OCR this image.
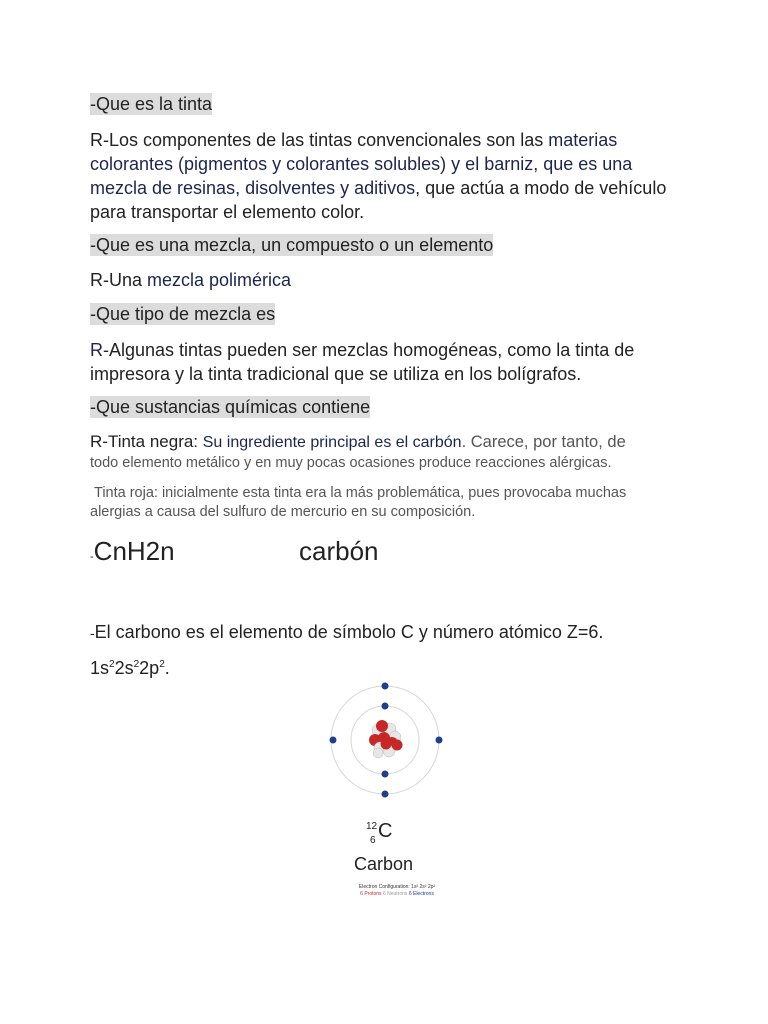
-Que es la tinta
R-Los componentes de las tintas convencionales son las materias colorantes (pigmentos y colorantes solubles) y el barniz, que es una mezcla de resinas, disolventes y aditivos, que actúa a modo de vehículo para transportar el elemento color.
-Que es una mezcla, un compuesto o un elemento
R-Una mezcla polimérica
-Que tipo de mezcla es
R-Algunas tintas pueden ser mezclas homogéneas, como la tinta de impresora y la tinta tradicional que se utiliza en los bolígrafos.
-Que sustancias químicas contiene
R-Tinta negra: Su ingrediente principal es el carbón. Carece, por tanto, de
todo elemento metálico y en muy pocas ocasiones produce reacciones alérgicas.
Tinta roja: inicialmente esta tinta era la más problemática, pues provocaba muchas alergias a causa del sulfuro de mercurio en su composición.
-CnH2n	carbón
-El carbono es el elemento de símbolo C y número atómico Z=6.
$1s^22s^22p^2$.
12
6 C
Carbon
Electron Configuration: 1s² 2s² 2p²
6 Protons 6 Neutrons 6 Electrons
